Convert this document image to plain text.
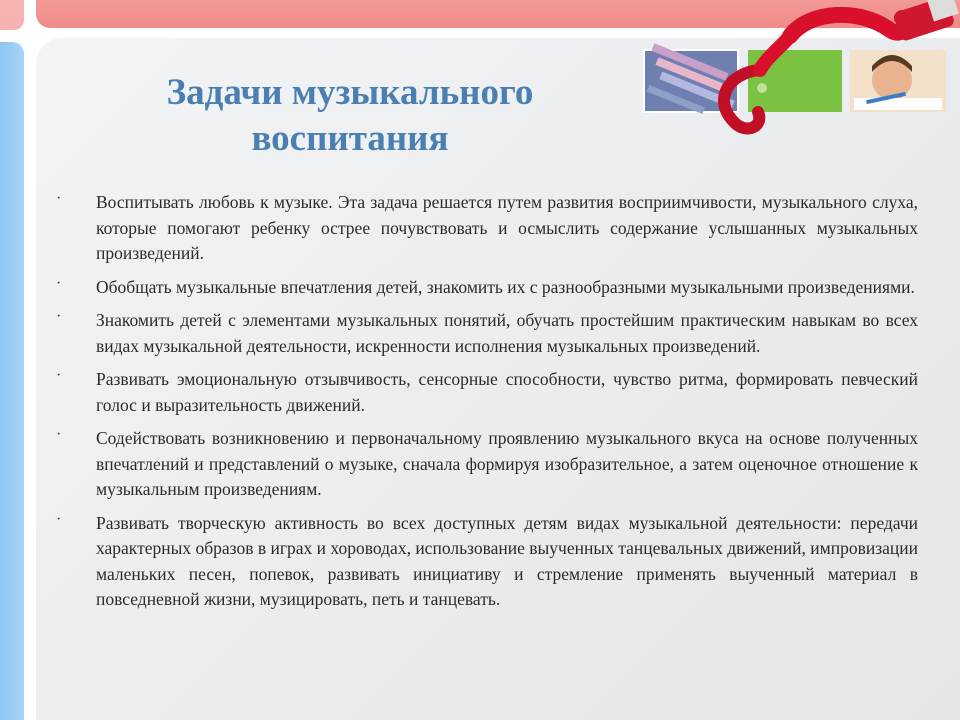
Задачи музыкального
воспитания
· Воспитывать любовь к музыке. Эта задача решается путем развития восприимчивости, музыкального слуха, которые помогают ребенку острее почувствовать и осмыслить содержание услышанных музыкальных произведений.
· Обобщать музыкальные впечатления детей, знакомить их с разнообразными музыкальными произведениями.
· Знакомить детей с элементами музыкальных понятий, обучать простейшим практическим навыкам во всех видах музыкальной деятельности, искренности исполнения музыкальных произведений.
· Развивать эмоциональную отзывчивость, сенсорные способности, чувство ритма, формировать певческий голос и выразительность движений.
· Содействовать возникновению и первоначальному проявлению музыкального вкуса на основе полученных впечатлений и представлений о музыке, сначала формируя изобразительное, а затем оценочное отношение к музыкальным произведениям.
· Развивать творческую активность во всех доступных детям видах музыкальной деятельности: передачи характерных образов в играх и хороводах, использование выученных танцевальных движений, импровизации маленьких песен, попевок, развивать инициативу и стремление применять выученный материал в повседневной жизни, музицировать, петь и танцевать.
